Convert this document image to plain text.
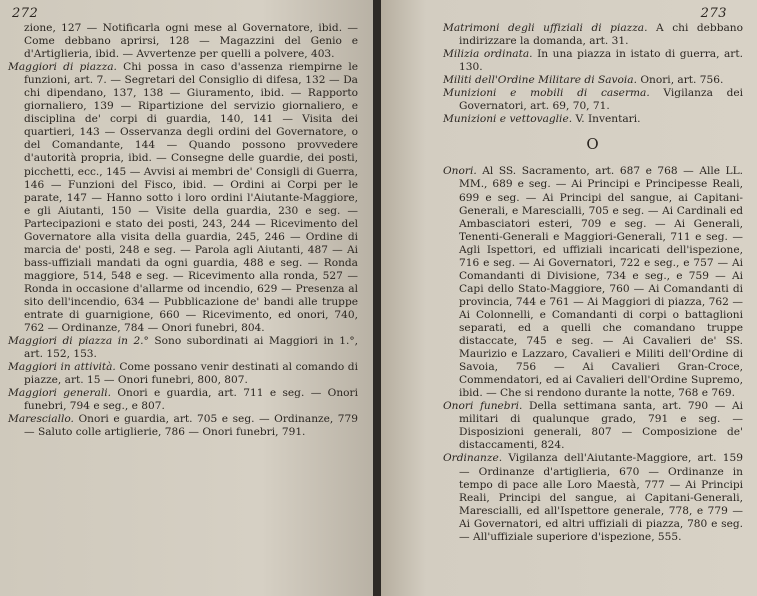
272

zione, 127 — Notificarla ogni mese al Governatore, ibid. — Come debbano aprirsi, 128 — Magazzini del Genio e d'Artiglieria, ibid. — Avvertenze per quelli a polvere, 403.

Maggiori di piazza. Chi possa in caso d'assenza riempirne le funzioni, art. 7. — Segretari del Consiglio di difesa, 132 — Da chi dipendano, 137, 138 — Giuramento, ibid. — Rapporto giornaliero, 139 — Ripartizione del servizio giornaliero, e disciplina de' corpi di guardia, 140, 141 — Visita dei quartieri, 143 — Osservanza degli ordini del Governatore, o del Comandante, 144 — Quando possono provvedere d'autorità propria, ibid. — Consegne delle guardie, dei posti, picchetti, ecc., 145 — Avvisi ai membri de' Consigli di Guerra, 146 — Funzioni del Fisco, ibid. — Ordini ai Corpi per le parate, 147 — Hanno sotto i loro ordini l'Aiutante-Maggiore, e gli Aiutanti, 150 — Visite della guardia, 230 e seg. — Partecipazioni e stato dei posti, 243, 244 — Ricevimento del Governatore alla visita della guardia, 245, 246 — Ordine di marcia de' posti, 248 e seg. — Parola agli Aiutanti, 487 — Ai bass-uffiziali mandati da ogni guardia, 488 e seg. — Ronda maggiore, 514, 548 e seg. — Ricevimento alla ronda, 527 — Ronda in occasione d'allarme od incendio, 629 — Presenza al sito dell'incendio, 634 — Pubblicazione de' bandi alle truppe entrate di guarnigione, 660 — Ricevimento, ed onori, 740, 762 — Ordinanze, 784 — Onori funebri, 804.

Maggiori di piazza in 2.° Sono subordinati ai Maggiori in 1.°, art. 152, 153.

Maggiori in attività. Come possano venir destinati al comando di piazze, art. 15 — Onori funebri, 800, 807.

Maggiori generali. Onori e guardia, art. 711 e seg. — Onori funebri, 794 e seg., e 807.

Maresciallo. Onori e guardia, art. 705 e seg. — Ordinanze, 779 — Saluto colle artiglierie, 786 — Onori funebri, 791.

273

Matrimoni degli uffiziali di piazza. A chi debbano indirizzare la domanda, art. 31.

Milizia ordinata. In una piazza in istato di guerra, art. 130.

Militi dell'Ordine Militare di Savoia. Onori, art. 756.

Munizioni e mobili di caserma. Vigilanza dei Governatori, art. 69, 70, 71.

Munizioni e vettovaglie. V. Inventari.

O

Onori. Al SS. Sacramento, art. 687 e 768 — Alle LL. MM., 689 e seg. — Ai Principi e Principesse Reali, 699 e seg. — Ai Principi del sangue, ai Capitani-Generali, e Marescialli, 705 e seg. — Ai Cardinali ed Ambasciatori esteri, 709 e seg. — Ai Generali, Tenenti-Generali e Maggiori-Generali, 711 e seg. — Agli Ispettori, ed uffiziali incaricati dell'ispezione, 716 e seg. — Ai Governatori, 722 e seg., e 757 — Ai Comandanti di Divisione, 734 e seg., e 759 — Ai Capi dello Stato-Maggiore, 760 — Ai Comandanti di provincia, 744 e 761 — Ai Maggiori di piazza, 762 — Ai Colonnelli, e Comandanti di corpi o battaglioni separati, ed a quelli che comandano truppe distaccate, 745 e seg. — Ai Cavalieri de' SS. Maurizio e Lazzaro, Cavalieri e Militi dell'Ordine di Savoia, 756 — Ai Cavalieri Gran-Croce, Commendatori, ed ai Cavalieri dell'Ordine Supremo, ibid. — Che si rendono durante la notte, 768 e 769.

Onori funebri. Della settimana santa, art. 790 — Ai militari di qualunque grado, 791 e seg. — Disposizioni generali, 807 — Composizione de' distaccamenti, 824.

Ordinanze. Vigilanza dell'Aiutante-Maggiore, art. 159 — Ordinanze d'artiglieria, 670 — Ordinanze in tempo di pace alle Loro Maestà, 777 — Ai Principi Reali, Principi del sangue, ai Capitani-Generali, Marescialli, ed all'Ispettore generale, 778, e 779 — Ai Governatori, ed altri uffiziali di piazza, 780 e seg. — All'uffiziale superiore d'ispezione, 555.
